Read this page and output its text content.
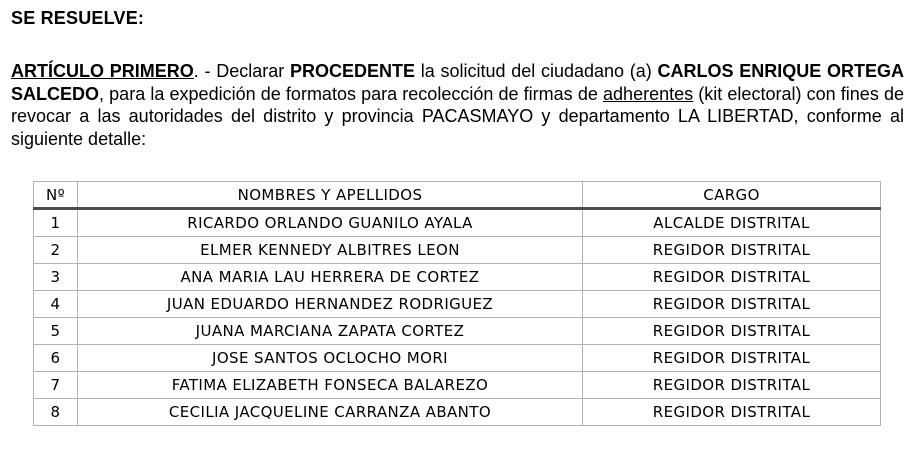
SE RESUELVE:

ARTÍCULO PRIMERO. - Declarar PROCEDENTE la solicitud del ciudadano (a) CARLOS ENRIQUE ORTEGA SALCEDO, para la expedición de formatos para recolección de firmas de adherentes (kit electoral) con fines de revocar a las autoridades del distrito y provincia PACASMAYO y departamento LA LIBERTAD, conforme al siguiente detalle:

Nº	NOMBRES Y APELLIDOS	CARGO
1	RICARDO ORLANDO GUANILO AYALA	ALCALDE DISTRITAL
2	ELMER KENNEDY ALBITRES LEON	REGIDOR DISTRITAL
3	ANA MARIA LAU HERRERA DE CORTEZ	REGIDOR DISTRITAL
4	JUAN EDUARDO HERNANDEZ RODRIGUEZ	REGIDOR DISTRITAL
5	JUANA MARCIANA ZAPATA CORTEZ	REGIDOR DISTRITAL
6	JOSE SANTOS OCLOCHO MORI	REGIDOR DISTRITAL
7	FATIMA ELIZABETH FONSECA BALAREZO	REGIDOR DISTRITAL
8	CECILIA JACQUELINE CARRANZA ABANTO	REGIDOR DISTRITAL
